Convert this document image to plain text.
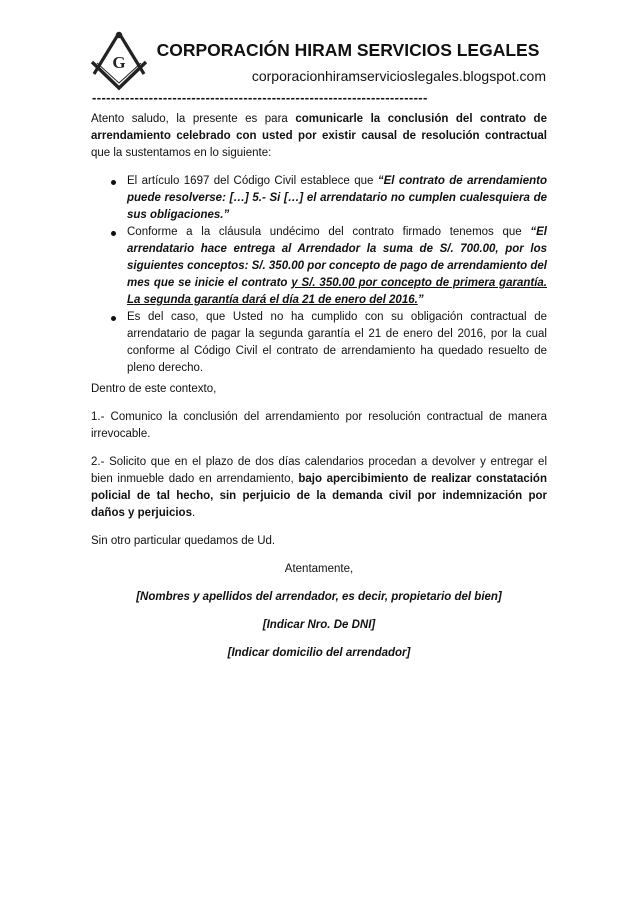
G
CORPORACIÓN HIRAM SERVICIOS LEGALES
corporacionhiramservicioslegales.blogspot.com
-----------------------------------------------------------------------

Atento saludo, la presente es para comunicarle la conclusión del contrato de arrendamiento celebrado con usted por existir causal de resolución contractual que la sustentamos en lo siguiente:

El artículo 1697 del Código Civil establece que “El contrato de arrendamiento puede resolverse: […] 5.- Si […] el arrendatario no cumplen cualesquiera de sus obligaciones.”
Conforme a la cláusula undécimo del contrato firmado tenemos que “El arrendatario hace entrega al Arrendador la suma de S/. 700.00, por los siguientes conceptos: S/. 350.00 por concepto de pago de arrendamiento del mes que se inicie el contrato y S/. 350.00 por concepto de primera garantía. La segunda garantía dará el día 21 de enero del 2016.”
Es del caso, que Usted no ha cumplido con su obligación contractual de arrendatario de pagar la segunda garantía el 21 de enero del 2016, por la cual conforme al Código Civil el contrato de arrendamiento ha quedado resuelto de pleno derecho.

Dentro de este contexto,

1.- Comunico la conclusión del arrendamiento por resolución contractual de manera irrevocable.

2.- Solicito que en el plazo de dos días calendarios procedan a devolver y entregar el bien inmueble dado en arrendamiento, bajo apercibimiento de realizar constatación policial de tal hecho, sin perjuicio de la demanda civil por indemnización por daños y perjuicios.

Sin otro particular quedamos de Ud.

Atentamente,

[Nombres y apellidos del arrendador, es decir, propietario del bien]

[Indicar Nro. De DNI]

[Indicar domicilio del arrendador]
